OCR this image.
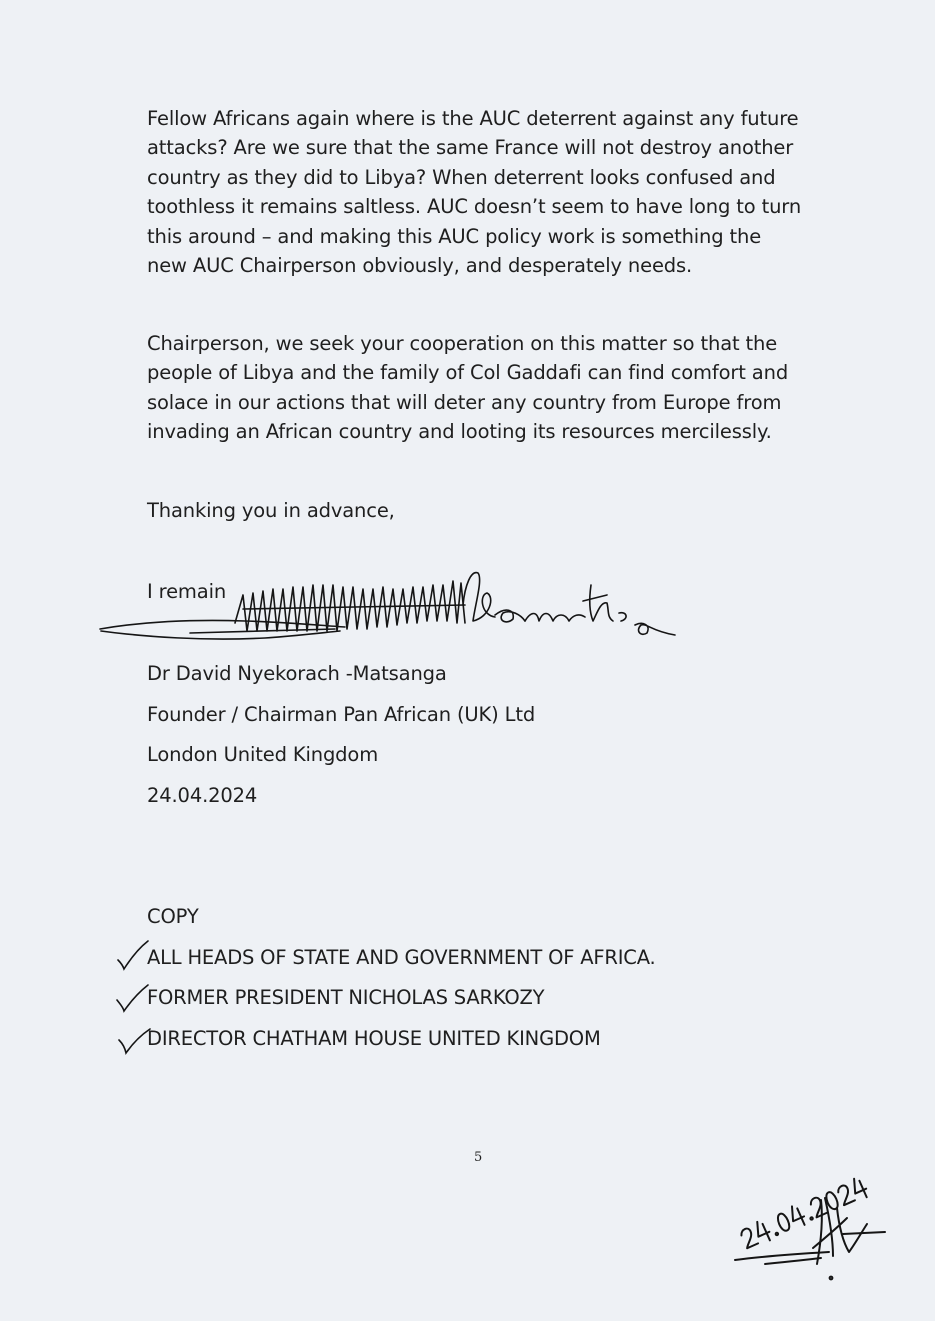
Fellow Africans again where is the AUC deterrent against any future
attacks? Are we sure that the same France will not destroy another
country as they did to Libya? When deterrent looks confused and
toothless it remains saltless. AUC doesn’t seem to have long to turn
this around – and making this AUC policy work is something the
new AUC Chairperson obviously, and desperately needs.

Chairperson, we seek your cooperation on this matter so that the
people of Libya and the family of Col Gaddafi can find comfort and
solace in our actions that will deter any country from Europe from
invading an African country and looting its resources mercilessly.

Thanking you in advance,
I remain
Dr David Nyekorach -Matsanga
Founder / Chairman Pan African (UK) Ltd
London United Kingdom
24.04.2024
COPY
ALL HEADS OF STATE AND GOVERNMENT OF AFRICA.
FORMER PRESIDENT NICHOLAS SARKOZY
DIRECTOR CHATHAM HOUSE UNITED KINGDOM
5
